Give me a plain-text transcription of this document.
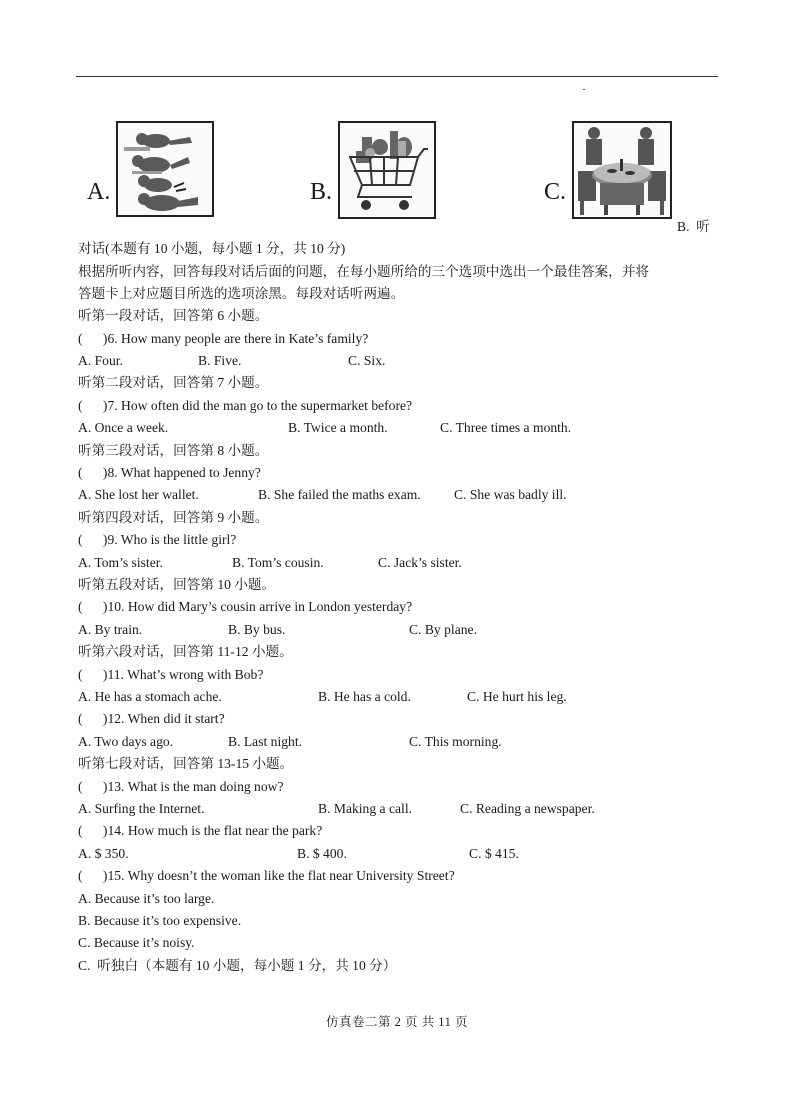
A.	B.	C.
B.  听
对话(本题有 10 小题，每小题 1 分，共 10 分)
根据所听内容，回答每段对话后面的问题，在每小题所给的三个选项中选出一个最佳答案，并将
答题卡上对应题目所选的选项涂黑。每段对话听两遍。
听第一段对话，回答第 6 小题。
(      )6. How many people are there in Kate’s family?
A. Four.	B. Five.	C. Six.
听第二段对话，回答第 7 小题。
(      )7. How often did the man go to the supermarket before?
A. Once a week.	B. Twice a month.	C. Three times a month.
听第三段对话，回答第 8 小题。
(      )8. What happened to Jenny?
A. She lost her wallet.	B. She failed the maths exam. C. She was badly ill.
听第四段对话，回答第 9 小题。
(      )9. Who is the little girl?
A. Tom’s sister.	B. Tom’s cousin.	C. Jack’s sister.
听第五段对话，回答第 10 小题。
(      )10. How did Mary’s cousin arrive in London yesterday?
A. By train.	B. By bus.	C. By plane.
听第六段对话，回答第 11-12 小题。
(      )11. What’s wrong with Bob?
A. He has a stomach ache.	B. He has a cold.	C. He hurt his leg.
(      )12. When did it start?
A. Two days ago.	B. Last night.	C. This morning.
听第七段对话，回答第 13-15 小题。
(      )13. What is the man doing now?
A. Surfing the Internet.	B. Making a call.	C. Reading a newspaper.
(      )14. How much is the flat near the park?
A. $ 350.	B. $ 400.	C. $ 415.
(      )15. Why doesn’t the woman like the flat near University Street?
A. Because it’s too large.
B. Because it’s too expensive.
C. Because it’s noisy.
C.  听独白（本题有 10 小题，每小题 1 分，共 10 分）
仿真卷二第 2 页 共 11 页
